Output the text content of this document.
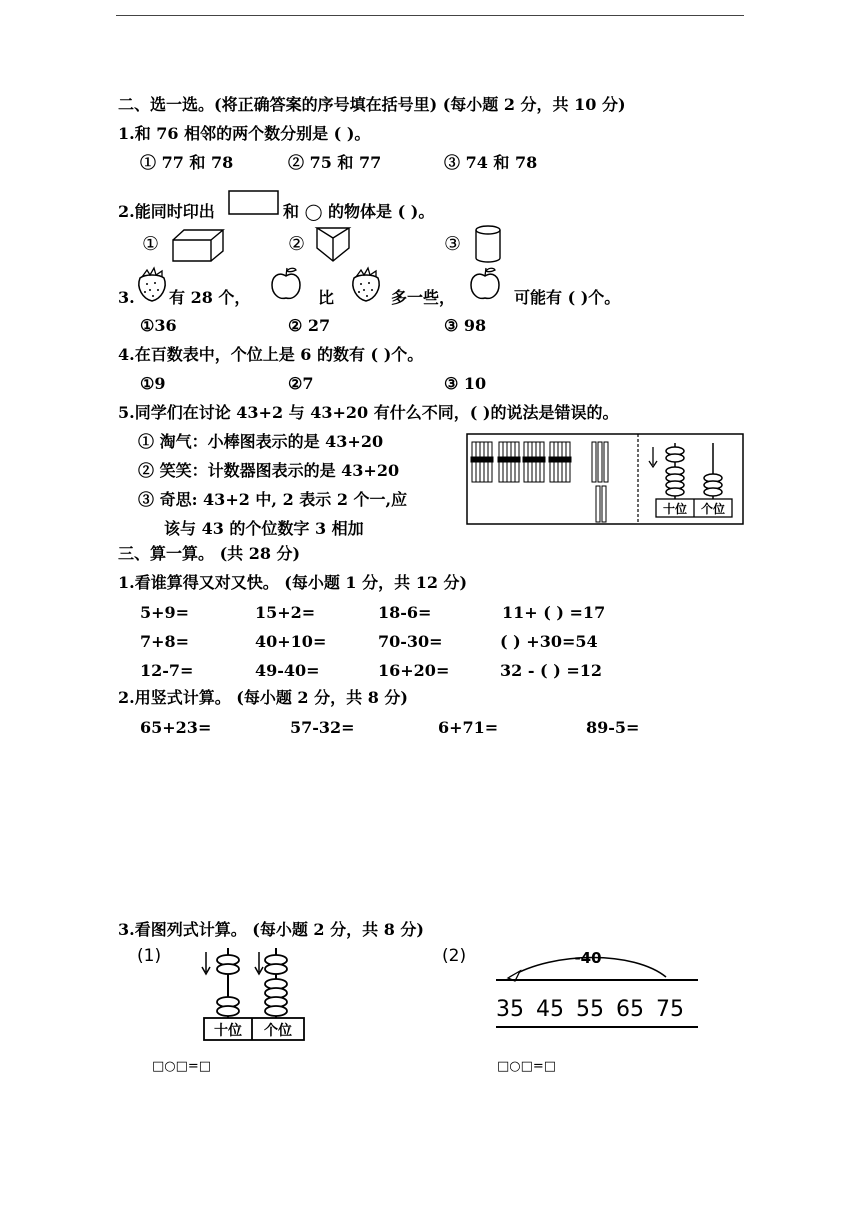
二、选一选。(将正确答案的序号填在括号里) (每小题 2 分，共 10 分)
1.和 76 相邻的两个数分别是 ( )。
① 77 和 78	② 75 和 77	③ 74 和 78
2.能同时印出	和 ◯ 的物体是 ( )。
①	②	③
3. 有 28 个，	比	多一些，	可能有 ( )个。
①36	② 27	③ 98
4.在百数表中，个位上是 6 的数有 ( )个。
①9	②7	③ 10
5.同学们在讨论 43+2 与 43+20 有什么不同，( )的说法是错误的。
① 淘气：小棒图表示的是 43+20
② 笑笑：计数器图表示的是 43+20
③ 奇思: 43+2 中, 2 表示 2 个一,应
该与 43 的个位数字 3 相加
十位 个位
三、算一算。 (共 28 分)
1.看谁算得又对又快。 (每小题 1 分，共 12 分)
5+9=	15+2=	18-6=	11+ ( ) =17
7+8=	40+10=	70-30=	( ) +30=54
12-7=	49-40=	16+20=	32 - ( ) =12
2.用竖式计算。 (每小题 2 分，共 8 分)
65+23=	57-32=	6+71=	89-5=
3.看图列式计算。 (每小题 2 分，共 8 分)
(1)
十位 个位
(2)	-40
35 45 55 65 75
□○□=□	□○□=□
